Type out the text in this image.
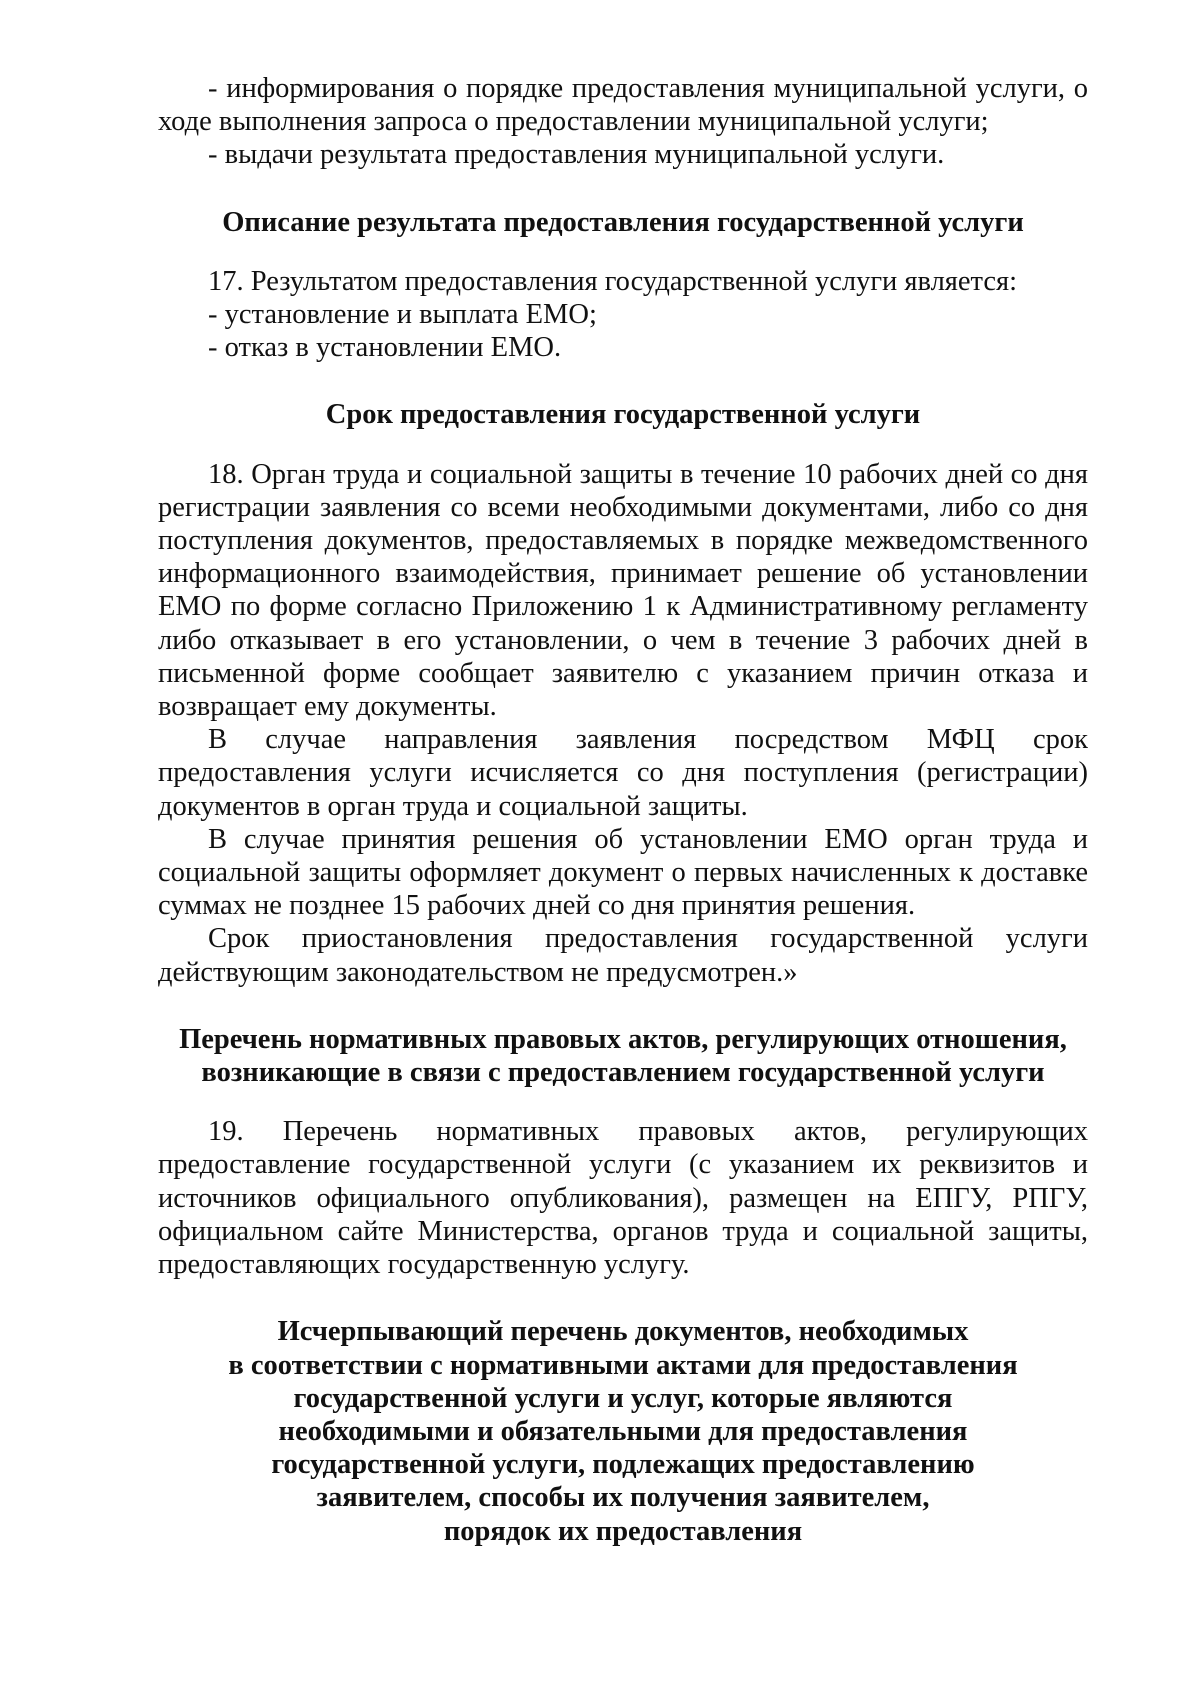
- информирования о порядке предоставления муниципальной услуги, о ходе выполнения запроса о предоставлении муниципальной услуги;

- выдачи результата предоставления муниципальной услуги.

Описание результата предоставления государственной услуги

17. Результатом предоставления государственной услуги является:

- установление и выплата ЕМО;

- отказ в установлении ЕМО.

Срок предоставления государственной услуги

18. Орган труда и социальной защиты в течение 10 рабочих дней со дня регистрации заявления со всеми необходимыми документами, либо со дня поступления документов, предоставляемых в порядке межведомственного информационного взаимодействия, принимает решение об установлении ЕМО по форме согласно Приложению 1 к Административному регламенту либо отказывает в его установлении, о чем в течение 3 рабочих дней в письменной форме сообщает заявителю с указанием причин отказа и возвращает ему документы.

В случае направления заявления посредством МФЦ срок предоставления услуги исчисляется со дня поступления (регистрации) документов в орган труда и социальной защиты.

В случае принятия решения об установлении ЕМО орган труда и социальной защиты оформляет документ о первых начисленных к доставке суммах не позднее 15 рабочих дней со дня принятия решения.

Срок приостановления предоставления государственной услуги действующим законодательством не предусмотрен.»

Перечень нормативных правовых актов, регулирующих отношения,
возникающие в связи с предоставлением государственной услуги

19. Перечень нормативных правовых актов, регулирующих предоставление государственной услуги (с указанием их реквизитов и источников официального опубликования), размещен на ЕПГУ, РПГУ, официальном сайте Министерства, органов труда и социальной защиты, предоставляющих государственную услугу.

Исчерпывающий перечень документов, необходимых
в соответствии с нормативными актами для предоставления
государственной услуги и услуг, которые являются
необходимыми и обязательными для предоставления
государственной услуги, подлежащих предоставлению
заявителем, способы их получения заявителем,
порядок их предоставления
